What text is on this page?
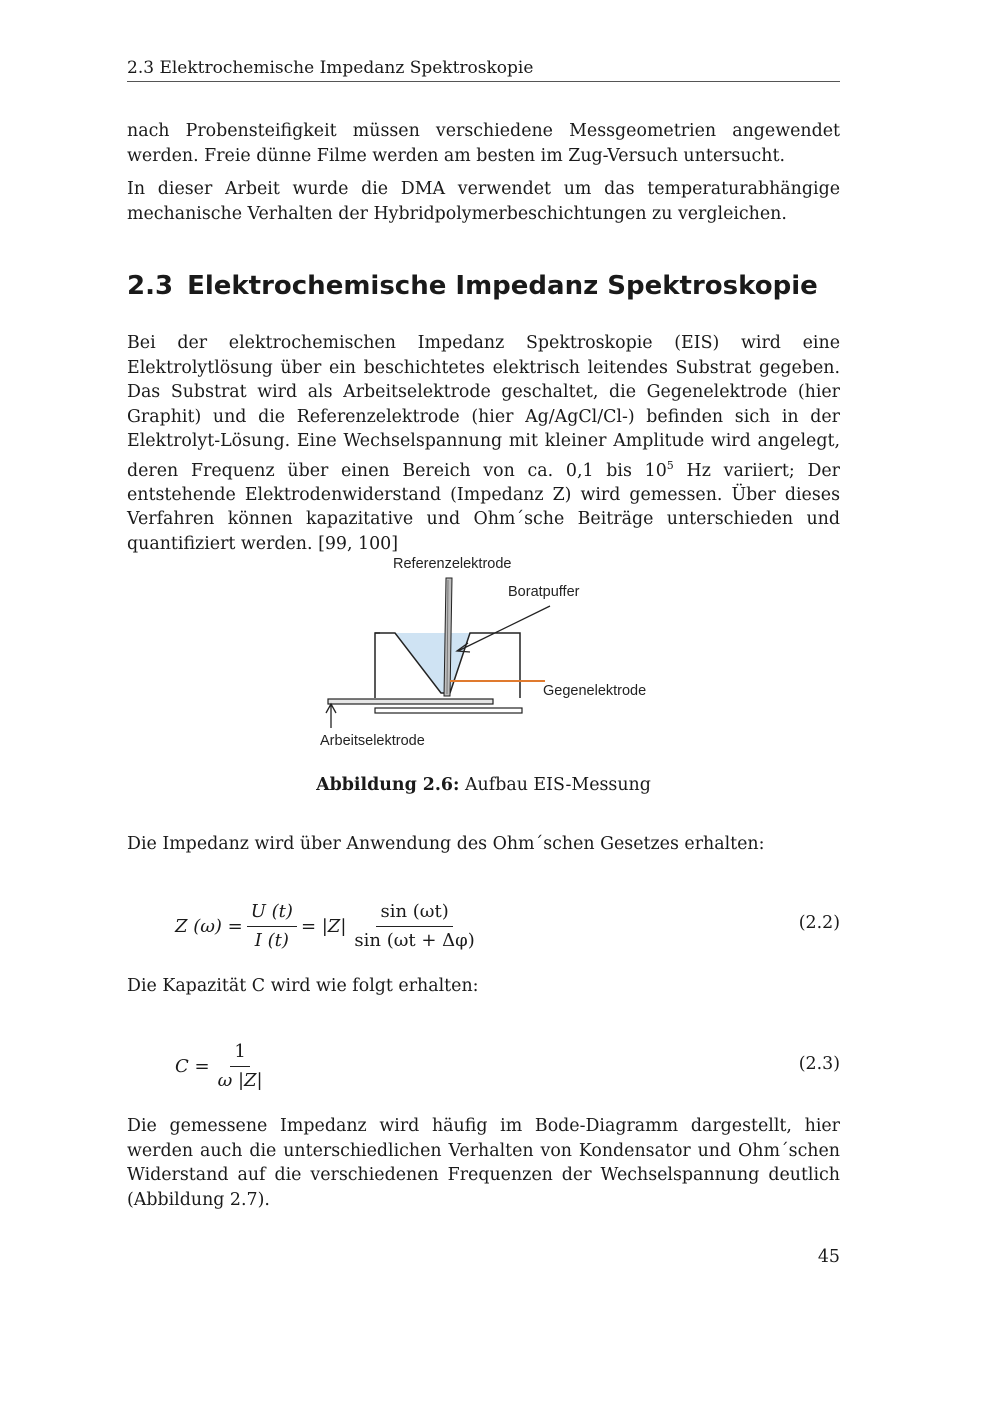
2.3 Elektrochemische Impedanz Spektroskopie

nach Probensteifigkeit müssen verschiedene Messgeometrien angewendet werden. Freie dünne Filme werden am besten im Zug-Versuch untersucht.

In dieser Arbeit wurde die DMA verwendet um das temperaturabhängige mechanische Verhalten der Hybridpolymerbeschichtungen zu vergleichen.

2.3 Elektrochemische Impedanz Spektroskopie

Bei der elektrochemischen Impedanz Spektroskopie (EIS) wird eine Elektrolytlösung über ein beschichtetes elektrisch leitendes Substrat gegeben. Das Substrat wird als Arbeitselektrode geschaltet, die Gegenelektrode (hier Graphit) und die Referenzelektrode (hier Ag/AgCl/Cl-) befinden sich in der Elektrolyt-Lösung. Eine Wechselspannung mit kleiner Amplitude wird angelegt, deren Frequenz über einen Bereich von ca. 0,1 bis $10^5$ Hz variiert; Der entstehende Elektrodenwiderstand (Impedanz Z) wird gemessen. Über dieses Verfahren können kapazitative und Ohm´sche Beiträge unterschieden und quantifiziert werden. [99, 100]

Referenzelektrode
Boratpuffer
Gegenelektrode
Arbeitselektrode
Abbildung 2.6: Aufbau EIS-Messung

Die Impedanz wird über Anwendung des Ohm´schen Gesetzes erhalten:

Z $(\omega) = \frac{U (t)}{I (t)} = |Z| \frac{\sin (\omega t)}{\sin (\omega t + \Delta\varphi)}$	(2.2)

Die Kapazität C wird wie folgt erhalten:

$C = \frac{1}{\omega |Z|}$	(2.3)

Die gemessene Impedanz wird häufig im Bode-Diagramm dargestellt, hier werden auch die unterschiedlichen Verhalten von Kondensator und Ohm´schen Widerstand auf die verschiedenen Frequenzen der Wechselspannung deutlich (Abbildung 2.7).

45
